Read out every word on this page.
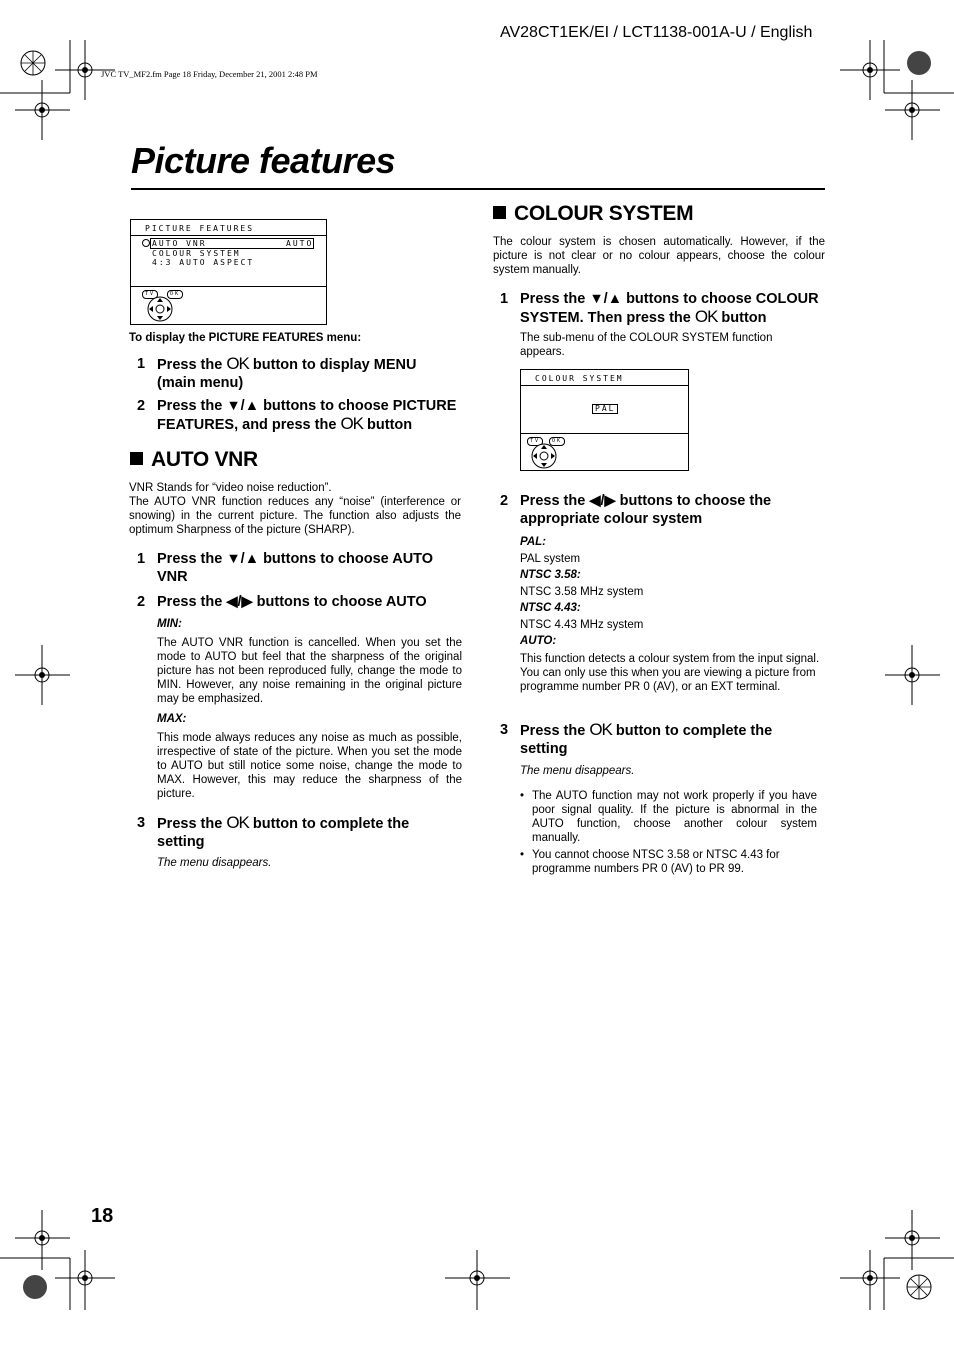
AV28CT1EK/EI / LCT1138-001A-U / English
JVC TV_MF2.fm Page 18 Friday, December 21, 2001 2:48 PM
Picture features
PICTURE FEATURES
AUTO VNR	AUTO
COLOUR SYSTEM
4:3 AUTO ASPECT
TV	OK
To display the PICTURE FEATURES menu:
1 Press the OK button to display MENU
(main menu)
2 Press the ▼/▲ buttons to choose PICTURE
FEATURES, and press the OK button
AUTO VNR
VNR Stands for “video noise reduction”.
The AUTO VNR function reduces any “noise” (interference or snowing) in the current picture. The function also adjusts the optimum Sharpness of the picture (SHARP).
1 Press the ▼/▲ buttons to choose AUTO
VNR
2 Press the ◀/▶ buttons to choose AUTO
MIN:
The AUTO VNR function is cancelled. When you set the mode to AUTO but feel that the sharpness of the original picture has not been reproduced fully, change the mode to MIN. However, any noise remaining in the original picture may be emphasized.
MAX:
This mode always reduces any noise as much as possible, irrespective of state of the picture. When you set the mode to AUTO but still notice some noise, change the mode to MAX. However, this may reduce the sharpness of the picture.
3 Press the OK button to complete the
setting
The menu disappears.
COLOUR SYSTEM
The colour system is chosen automatically. However, if the picture is not clear or no colour appears, choose the colour system manually.
1 Press the ▼/▲ buttons to choose COLOUR
SYSTEM. Then press the OK button
The sub-menu of the COLOUR SYSTEM function appears.
COLOUR SYSTEM
PAL
TV	OK
2 Press the ◀/▶ buttons to choose the
appropriate colour system
PAL:
PAL system
NTSC 3.58:
NTSC 3.58 MHz system
NTSC 4.43:
NTSC 4.43 MHz system
AUTO:
This function detects a colour system from the input signal. You can only use this when you are viewing a picture from programme number PR 0 (AV), or an EXT terminal.
3 Press the OK button to complete the
setting
The menu disappears.
• The AUTO function may not work properly if you have poor signal quality. If the picture is abnormal in the AUTO function, choose another colour system manually.
• You cannot choose NTSC 3.58 or NTSC 4.43 for programme numbers PR 0 (AV) to PR 99.
18
